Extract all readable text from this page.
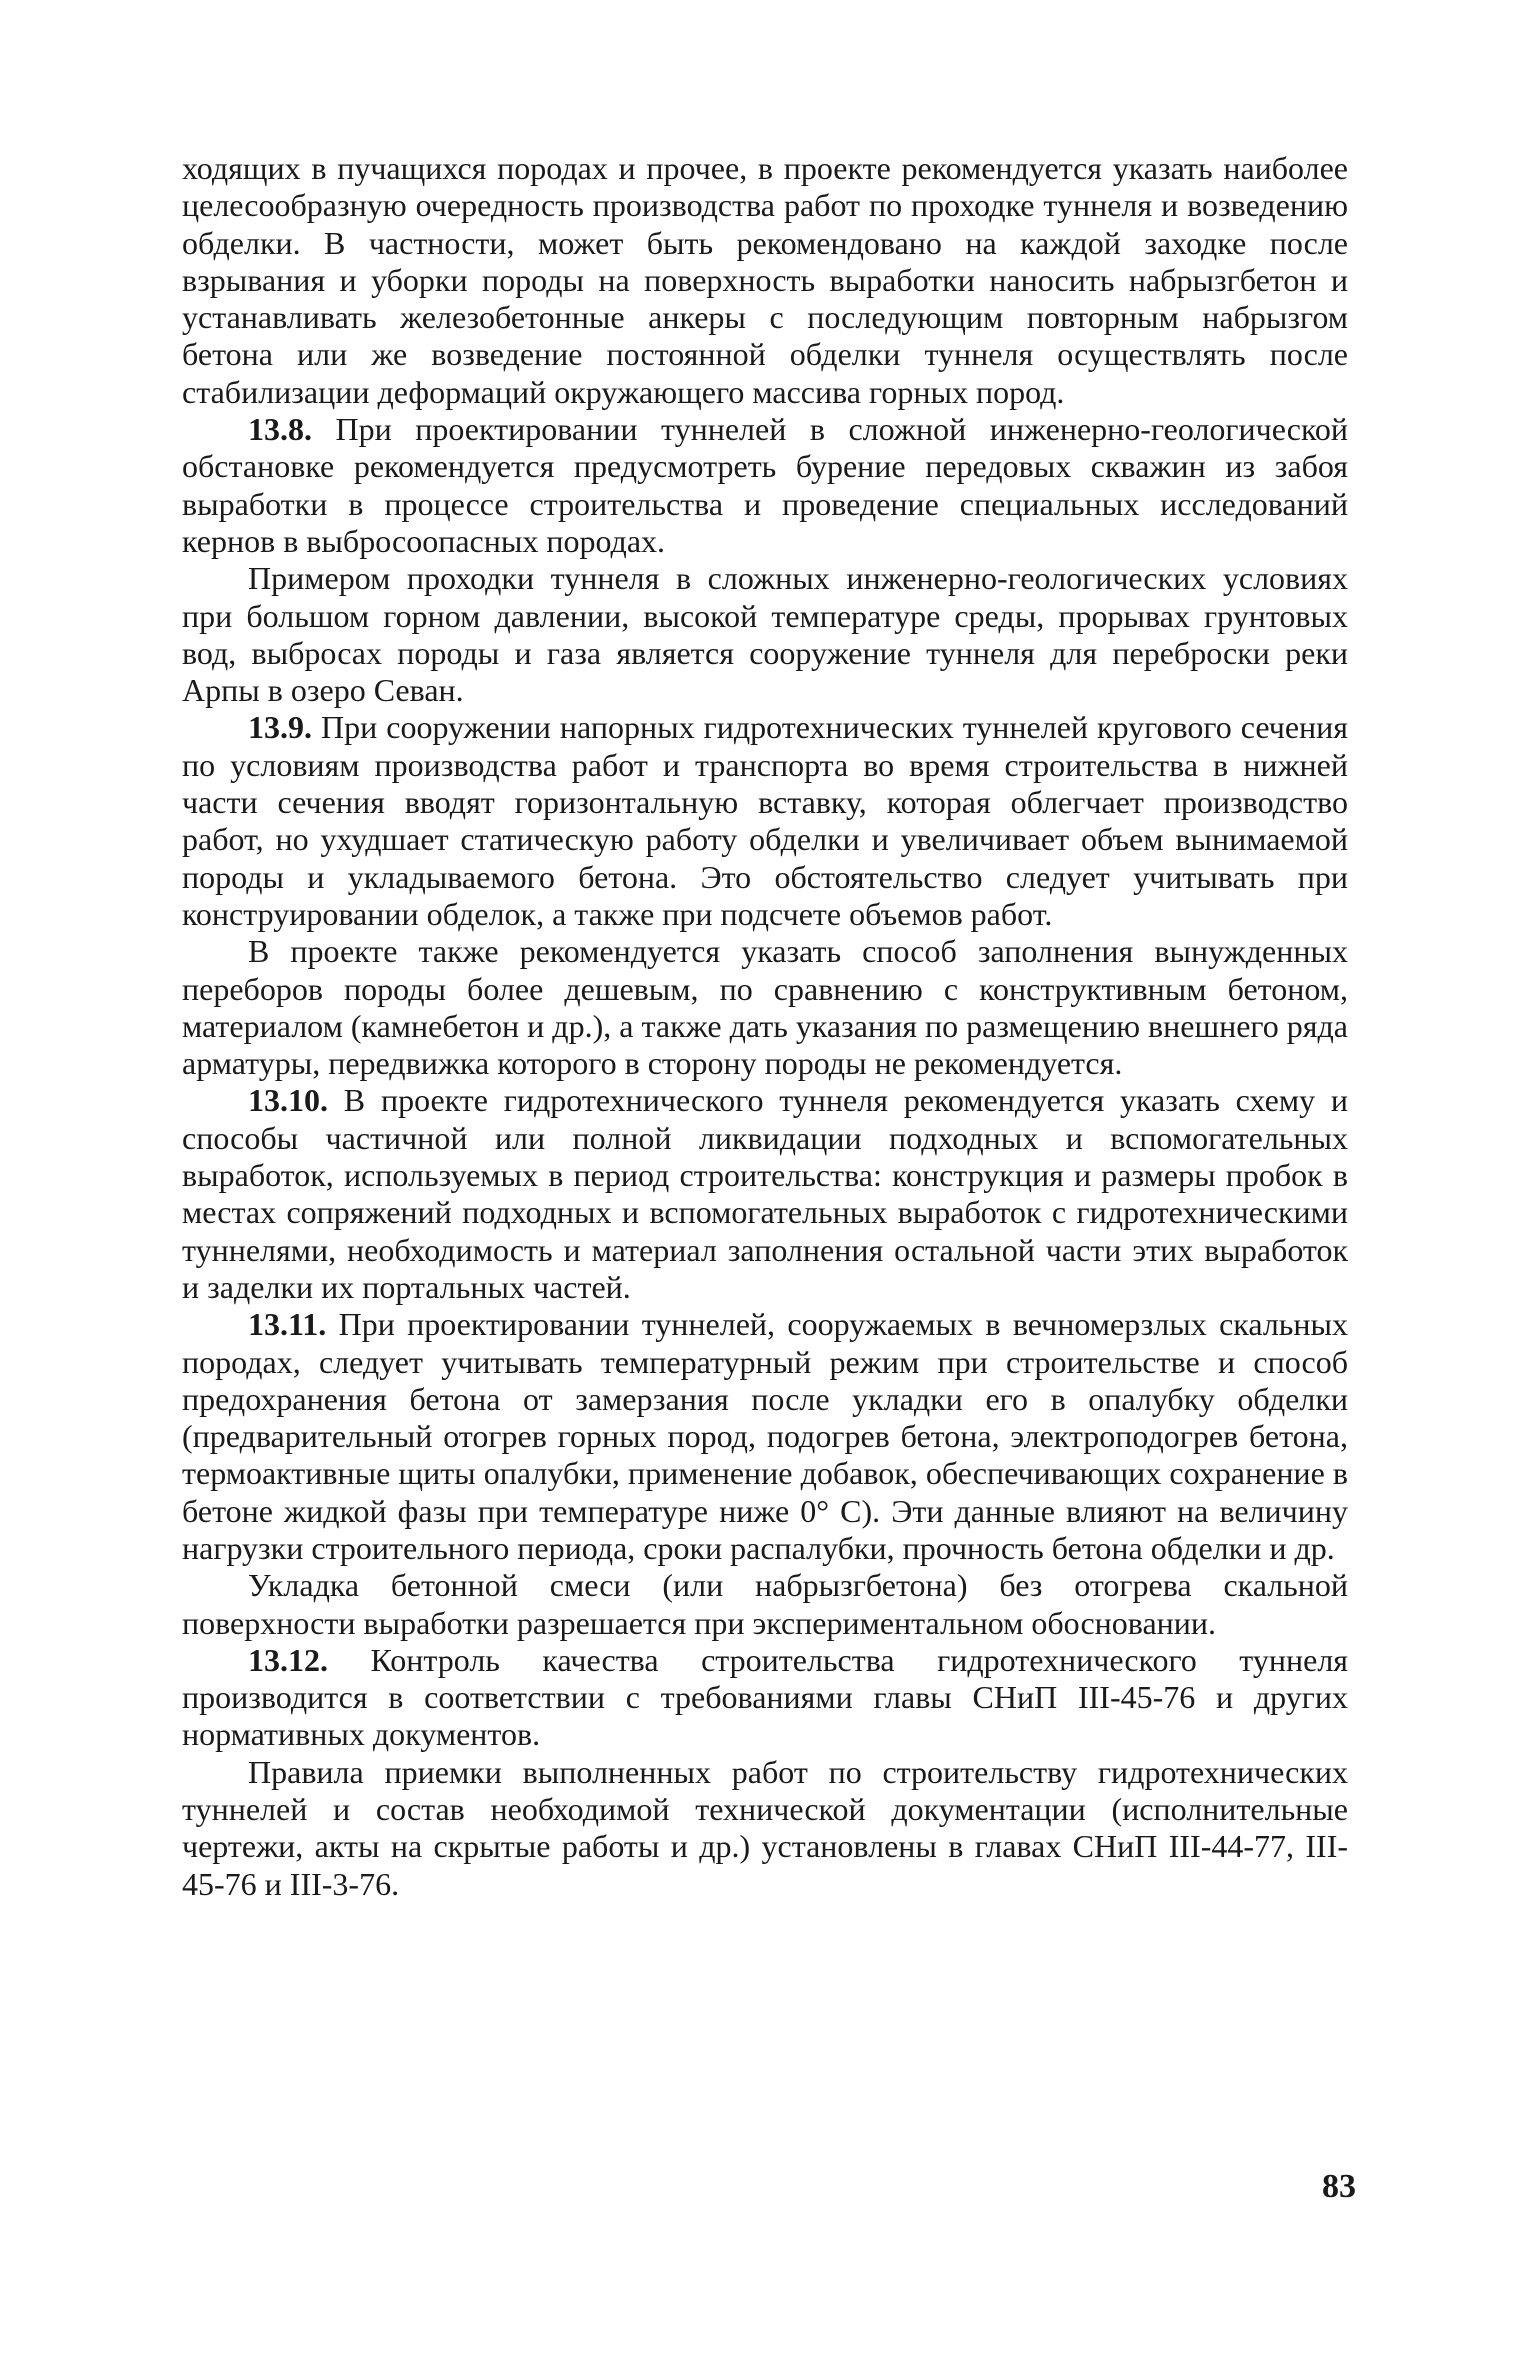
ходящих в пучащихся породах и прочее, в проекте рекомендуется указать наиболее целесообразную очередность производства работ по проходке туннеля и возведению обделки. В частности, может быть рекомендовано на каждой заходке после взрывания и уборки породы на поверхность выработки наносить набрызгбетон и устанавливать железобетонные анкеры с последующим повторным набрызгом бетона или же возведение постоянной обделки туннеля осуществлять после стабилизации деформаций окружающего массива горных пород.

13.8. При проектировании туннелей в сложной инженерно-геологической обстановке рекомендуется предусмотреть бурение передовых скважин из забоя выработки в процессе строительства и проведение специальных исследований кернов в выбросоопасных породах.

Примером проходки туннеля в сложных инженерно-геологических условиях при большом горном давлении, высокой температуре среды, прорывах грунтовых вод, выбросах породы и газа является сооружение туннеля для переброски реки Арпы в озеро Севан.

13.9. При сооружении напорных гидротехнических туннелей кругового сечения по условиям производства работ и транспорта во время строительства в нижней части сечения вводят горизонтальную вставку, которая облегчает производство работ, но ухудшает статическую работу обделки и увеличивает объем вынимаемой породы и укладываемого бетона. Это обстоятельство следует учитывать при конструировании обделок, а также при подсчете объемов работ.

В проекте также рекомендуется указать способ заполнения вынужденных переборов породы более дешевым, по сравнению с конструктивным бетоном, материалом (камнебетон и др.), а также дать указания по размещению внешнего ряда арматуры, передвижка которого в сторону породы не рекомендуется.

13.10. В проекте гидротехнического туннеля рекомендуется указать схему и способы частичной или полной ликвидации подходных и вспомогательных выработок, используемых в период строительства: конструкция и размеры пробок в местах сопряжений подходных и вспомогательных выработок с гидротехническими туннелями, необходимость и материал заполнения остальной части этих выработок и заделки их портальных частей.

13.11. При проектировании туннелей, сооружаемых в вечномерзлых скальных породах, следует учитывать температурный режим при строительстве и способ предохранения бетона от замерзания после укладки его в опалубку обделки (предварительный отогрев горных пород, подогрев бетона, электроподогрев бетона, термоактивные щиты опалубки, применение добавок, обеспечивающих сохранение в бетоне жидкой фазы при температуре ниже 0° С). Эти данные влияют на величину нагрузки строительного периода, сроки распалубки, прочность бетона обделки и др.

Укладка бетонной смеси (или набрызгбетона) без отогрева скальной поверхности выработки разрешается при экспериментальном обосновании.

13.12. Контроль качества строительства гидротехнического туннеля производится в соответствии с требованиями главы СНиП III-45-76 и других нормативных документов.

Правила приемки выполненных работ по строительству гидротехнических туннелей и состав необходимой технической документации (исполнительные чертежи, акты на скрытые работы и др.) установлены в главах СНиП III-44-77, III-45-76 и III-3-76.

83
